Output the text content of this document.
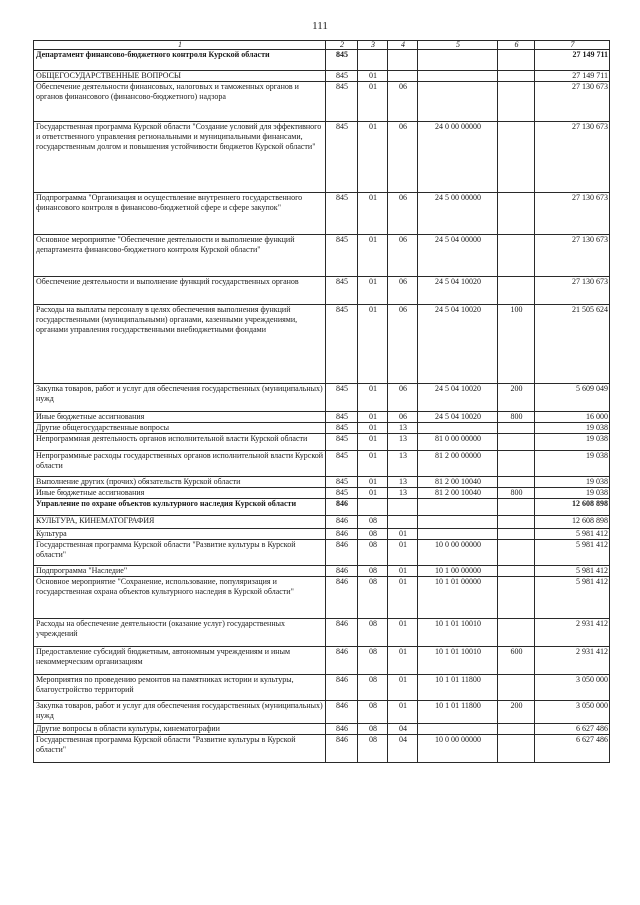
111
1	2	3	4	5	6	7
Департамент финансово-бюджетного контроля Курской области	845					27 149 711
ОБЩЕГОСУДАРСТВЕННЫЕ ВОПРОСЫ	845	01				27 149 711
Обеспечение деятельности финансовых, налоговых и таможенных органов и органов финансового (финансово-бюджетного) надзора	845	01	06			27 130 673
Государственная программа Курской области "Создание условий для эффективного и ответственного управления региональными и муниципальными финансами, государственным долгом и повышения устойчивости бюджетов Курской области"	845	01	06	24 0 00 00000		27 130 673
Подпрограмма "Организация и осуществление внутреннего государственного финансового контроля в финансово-бюджетной сфере и сфере закупок"	845	01	06	24 5 00 00000		27 130 673
Основное мероприятие "Обеспечение деятельности и выполнение функций департамента финансово-бюджетного контроля Курской области"	845	01	06	24 5 04 00000		27 130 673
Обеспечение деятельности и выполнение функций государственных органов	845	01	06	24 5 04 10020		27 130 673
Расходы на выплаты персоналу в целях обеспечения выполнения функций государственными (муниципальными) органами, казенными учреждениями, органами управления государственными внебюджетными фондами	845	01	06	24 5 04 10020	100	21 505 624
Закупка товаров, работ и услуг для обеспечения государственных (муниципальных) нужд	845	01	06	24 5 04 10020	200	5 609 049
Иные бюджетные ассигнования	845	01	06	24 5 04 10020	800	16 000
Другие общегосударственные вопросы	845	01	13			19 038
Непрограммная деятельность органов исполнительной власти Курской области	845	01	13	81 0 00 00000		19 038
Непрограммные расходы государственных органов исполнительной власти Курской области	845	01	13	81 2 00 00000		19 038
Выполнение других (прочих) обязательств Курской области	845	01	13	81 2 00 10040		19 038
Иные бюджетные ассигнования	845	01	13	81 2 00 10040	800	19 038
Управление по охране объектов культурного наследия Курской области	846					12 608 898
КУЛЬТУРА, КИНЕМАТОГРАФИЯ	846	08				12 608 898
Культура	846	08	01			5 981 412
Государственная программа Курской области "Развитие культуры в Курской области"	846	08	01	10 0 00 00000		5 981 412
Подпрограмма "Наследие"	846	08	01	10 1 00 00000		5 981 412
Основное мероприятие "Сохранение, использование, популяризация и государственная охрана объектов культурного наследия в Курской области"	846	08	01	10 1 01 00000		5 981 412
Расходы на обеспечение деятельности (оказание услуг) государственных учреждений	846	08	01	10 1 01 10010		2 931 412
Предоставление субсидий бюджетным, автономным учреждениям и иным некоммерческим организациям	846	08	01	10 1 01 10010	600	2 931 412
Мероприятия по проведению ремонтов на памятниках истории и культуры, благоустройство территорий	846	08	01	10 1 01 11800		3 050 000
Закупка товаров, работ и услуг для обеспечения государственных (муниципальных) нужд	846	08	01	10 1 01 11800	200	3 050 000
Другие вопросы в области культуры, кинематографии	846	08	04			6 627 486
Государственная программа Курской области "Развитие культуры в Курской области"	846	08	04	10 0 00 00000		6 627 486
